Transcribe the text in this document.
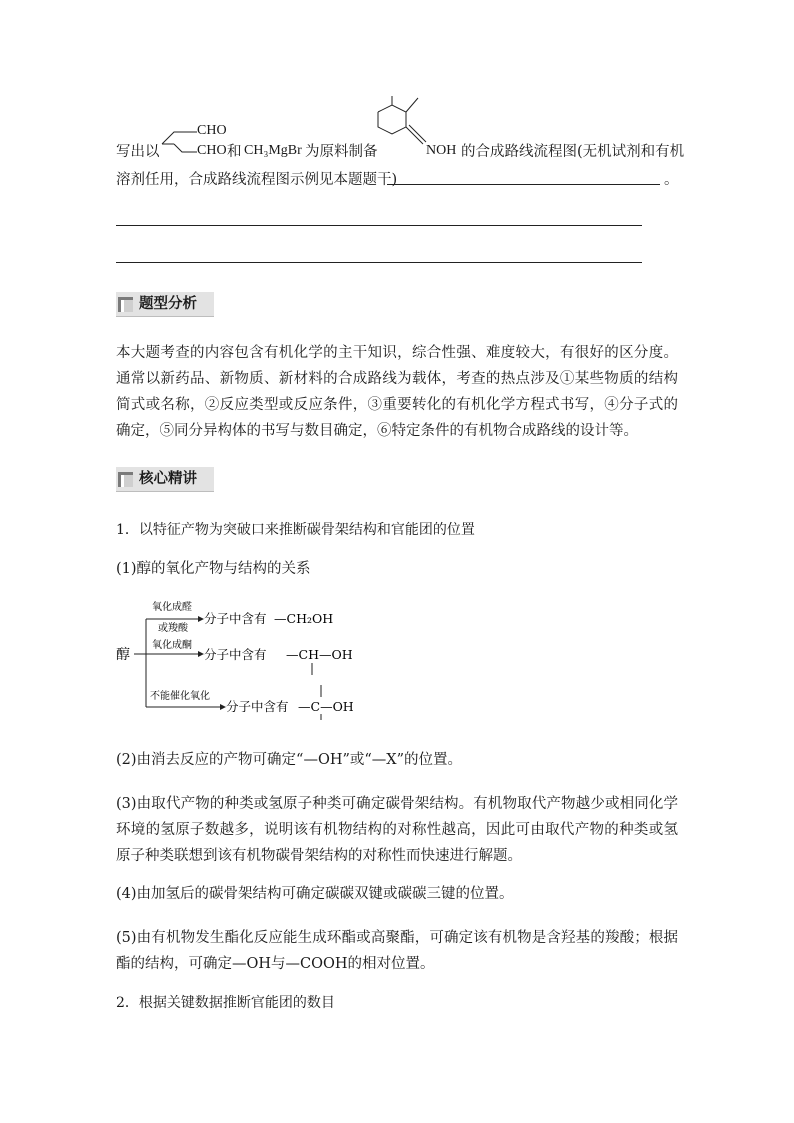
写出以
CHO
CHO 和 CH₃MgBr 为原料制备	NOH 的合成路线流程图(无机试剂和有机
溶剂任用，合成路线流程图示例见本题题干)	。
题型分析
本大题考查的内容包含有机化学的主干知识，综合性强、难度较大，有很好的区分度。通常以新药品、新物质、新材料的合成路线为载体，考查的热点涉及①某些物质的结构简式或名称，②反应类型或反应条件，③重要转化的有机化学方程式书写，④分子式的确定，⑤同分异构体的书写与数目确定，⑥特定条件的有机物合成路线的设计等。
核心精讲
1．以特征产物为突破口来推断碳骨架结构和官能团的位置
(1)醇的氧化产物与结构的关系
醇
氧化成醛
或羧酸
分子中含有 —CH₂OH
氧化成酮
分子中含有 —CH—OH
不能催化氧化
分子中含有 —C—OH
(2)由消去反应的产物可确定“—OH”或“—X”的位置。
(3)由取代产物的种类或氢原子种类可确定碳骨架结构。有机物取代产物越少或相同化学环境的氢原子数越多，说明该有机物结构的对称性越高，因此可由取代产物的种类或氢原子种类联想到该有机物碳骨架结构的对称性而快速进行解题。
(4)由加氢后的碳骨架结构可确定碳碳双键或碳碳三键的位置。
(5)由有机物发生酯化反应能生成环酯或高聚酯，可确定该有机物是含羟基的羧酸；根据酯的结构，可确定—OH与—COOH的相对位置。
2．根据关键数据推断官能团的数目
